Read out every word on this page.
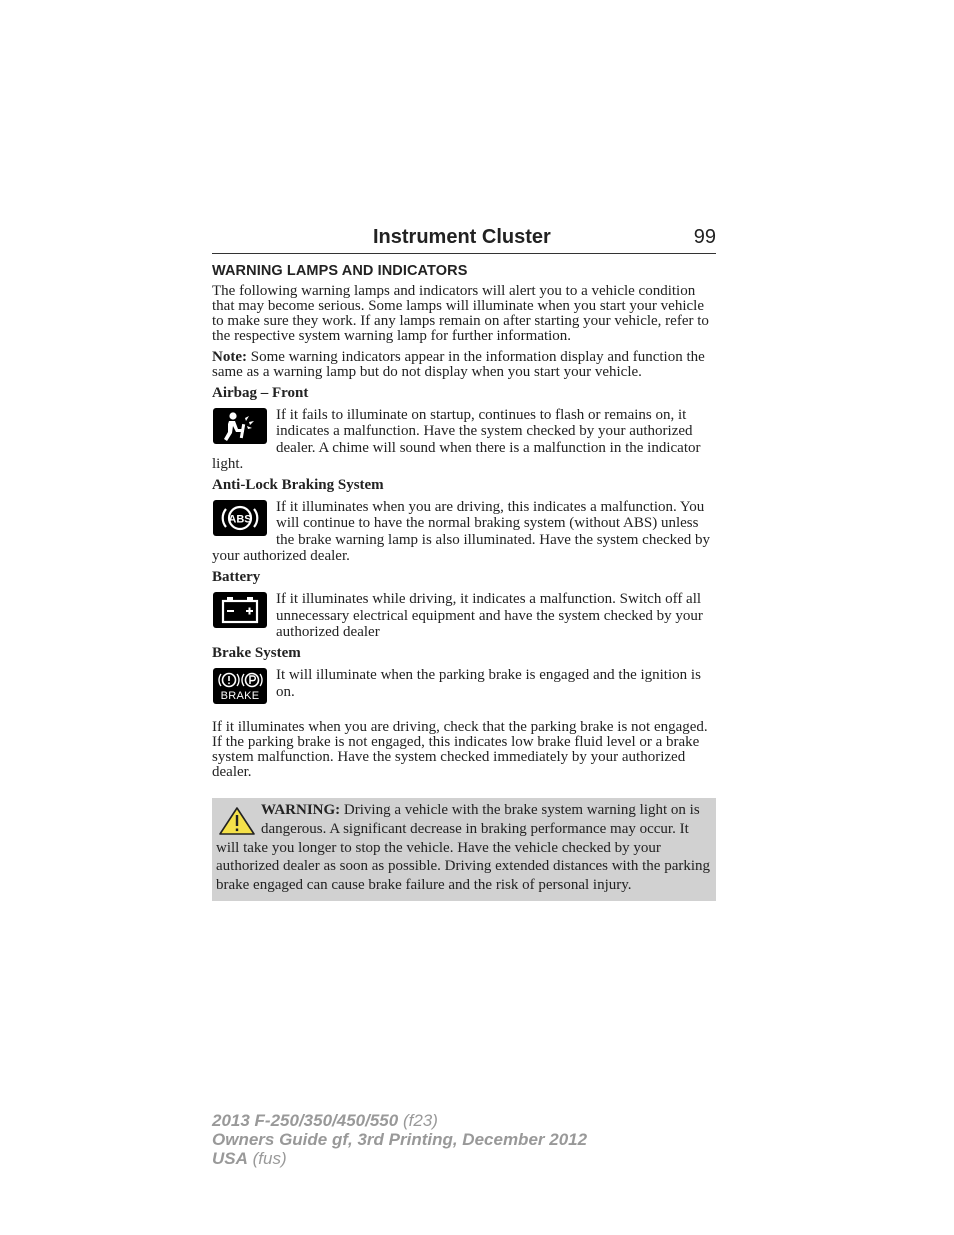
Instrument Cluster	99
WARNING LAMPS AND INDICATORS

The following warning lamps and indicators will alert you to a vehicle condition that may become serious. Some lamps will illuminate when you start your vehicle to make sure they work. If any lamps remain on after starting your vehicle, refer to the respective system warning lamp for further information.

Note: Some warning indicators appear in the information display and function the same as a warning lamp but do not display when you start your vehicle.

Airbag – Front

If it fails to illuminate on startup, continues to flash or remains on, it indicates a malfunction. Have the system checked by your authorized dealer. A chime will sound when there is a malfunction in the indicator light.

Anti-Lock Braking System
ABS

If it illuminates when you are driving, this indicates a malfunction. You will continue to have the normal braking system (without ABS) unless the brake warning lamp is also illuminated. Have the system checked by your authorized dealer.

Battery

If it illuminates while driving, it indicates a malfunction. Switch off all unnecessary electrical equipment and have the system checked by your authorized dealer

Brake System
BRAKE

It will illuminate when the parking brake is engaged and the ignition is on.

If it illuminates when you are driving, check that the parking brake is not engaged. If the parking brake is not engaged, this indicates low brake fluid level or a brake system malfunction. Have the system checked immediately by your authorized dealer.

WARNING: Driving a vehicle with the brake system warning light on is dangerous. A significant decrease in braking performance may occur. It will take you longer to stop the vehicle. Have the vehicle checked by your authorized dealer as soon as possible. Driving extended distances with the parking brake engaged can cause brake failure and the risk of personal injury.

2013 F-250/350/450/550 (f23)
Owners Guide gf, 3rd Printing, December 2012
USA (fus)
